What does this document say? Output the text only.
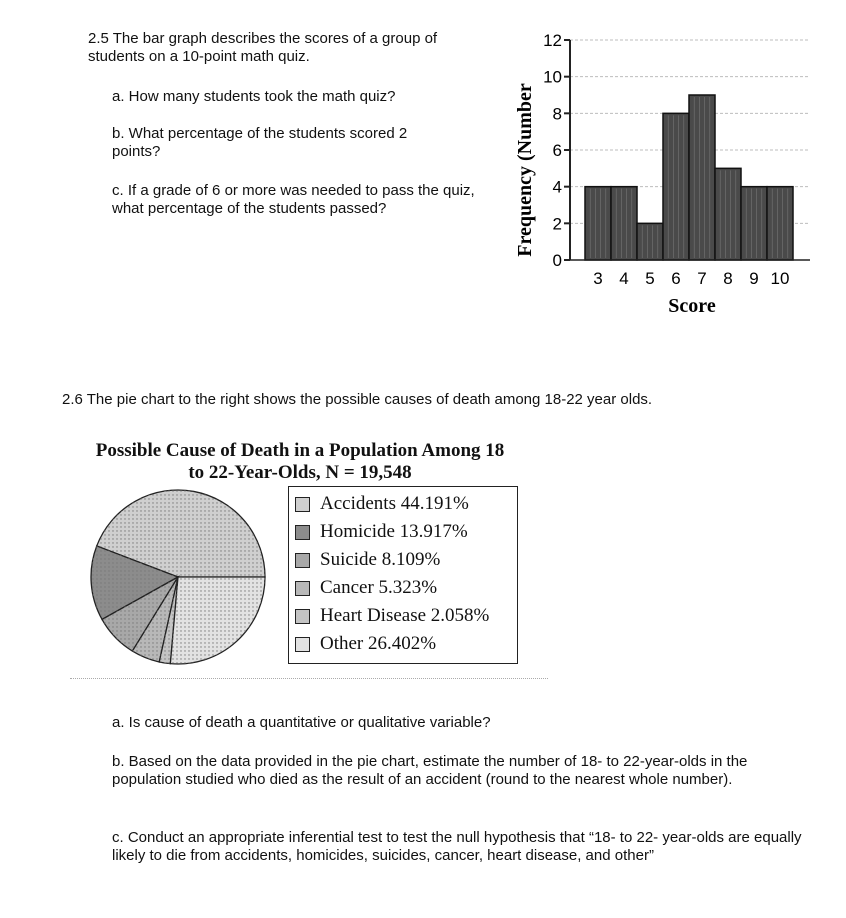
2.5 The bar graph describes the scores of a group of students on a 10-point math quiz.
a. How many students took the math quiz?
b. What percentage of the students scored 2 points?
c. If a grade of 6 or more was needed to pass the quiz, what percentage of the students passed?
0
2
4
6
8
10
12
3 4 5 6 7 8 9 10
Frequency (Number
Score
2.6 The pie chart to the right shows the possible causes of death among 18-22 year olds.
Possible Cause of Death in a Population Among 18
to 22-Year-Olds, N = 19,548
Accidents 44.191%
Homicide 13.917%
Suicide 8.109%
Cancer 5.323%
Heart Disease 2.058%
Other 26.402%
a. Is cause of death a quantitative or qualitative variable?
b. Based on the data provided in the pie chart, estimate the number of 18- to 22-year-olds in the population studied who died as the result of an accident (round to the nearest whole number).
c. Conduct an appropriate inferential test to test the null hypothesis that “18- to 22- year-olds are equally likely to die from accidents, homicides, suicides, cancer, heart disease, and other”
